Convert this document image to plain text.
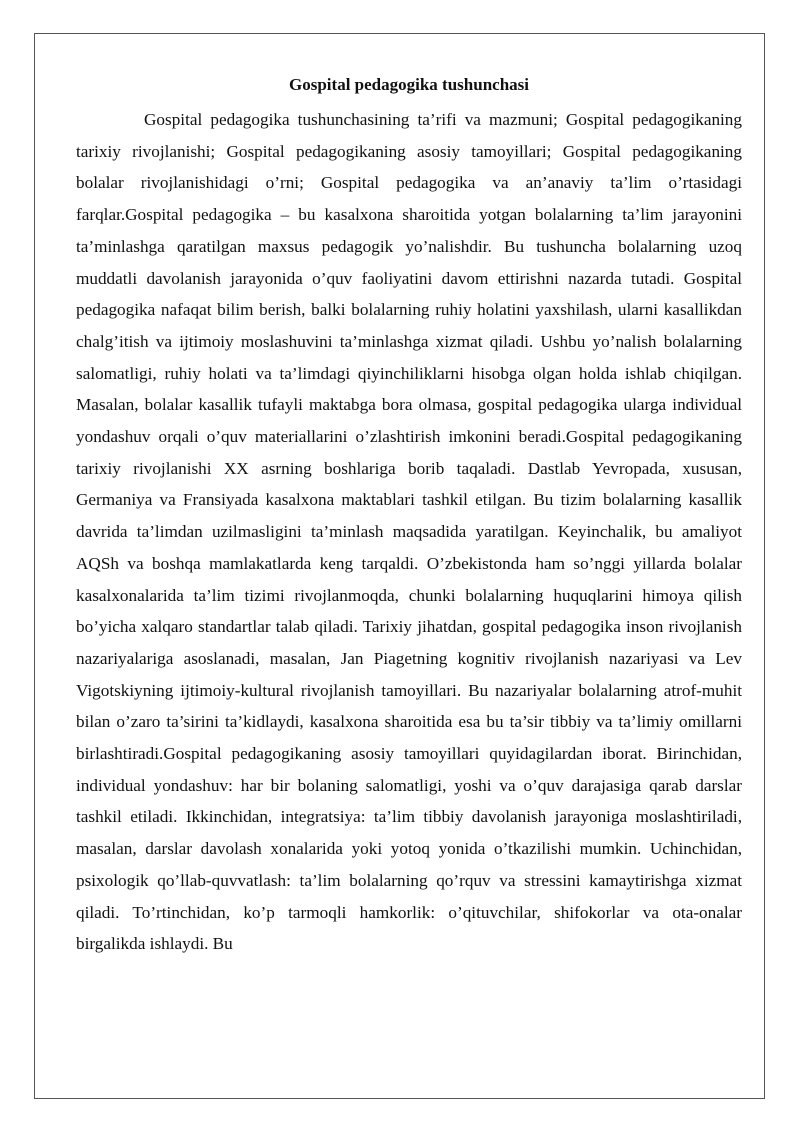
Gospital pedagogika tushunchasi

Gospital pedagogika tushunchasining ta’rifi va mazmuni; Gospital pedagogikaning tarixiy rivojlanishi; Gospital pedagogikaning asosiy tamoyillari; Gospital pedagogikaning bolalar rivojlanishidagi o’rni; Gospital pedagogika va an’anaviy ta’lim o’rtasidagi farqlar.Gospital pedagogika – bu kasalxona sharoitida yotgan bolalarning ta’lim jarayonini ta’minlashga qaratilgan maxsus pedagogik yo’nalishdir. Bu tushuncha bolalarning uzoq muddatli davolanish jarayonida o’quv faoliyatini davom ettirishni nazarda tutadi. Gospital pedagogika nafaqat bilim berish, balki bolalarning ruhiy holatini yaxshilash, ularni kasallikdan chalg’itish va ijtimoiy moslashuvini ta’minlashga xizmat qiladi. Ushbu yo’nalish bolalarning salomatligi, ruhiy holati va ta’limdagi qiyinchiliklarni hisobga olgan holda ishlab chiqilgan. Masalan, bolalar kasallik tufayli maktabga bora olmasa, gospital pedagogika ularga individual yondashuv orqali o’quv materiallarini o’zlashtirish imkonini beradi.Gospital pedagogikaning tarixiy rivojlanishi XX asrning boshlariga borib taqaladi. Dastlab Yevropada, xususan, Germaniya va Fransiyada kasalxona maktablari tashkil etilgan. Bu tizim bolalarning kasallik davrida ta’limdan uzilmasligini ta’minlash maqsadida yaratilgan. Keyinchalik, bu amaliyot AQSh va boshqa mamlakatlarda keng tarqaldi. O’zbekistonda ham so’nggi yillarda bolalar kasalxonalarida ta’lim tizimi rivojlanmoqda, chunki bolalarning huquqlarini himoya qilish bo’yicha xalqaro standartlar talab qiladi. Tarixiy jihatdan, gospital pedagogika inson rivojlanish nazariyalariga asoslanadi, masalan, Jan Piagetning kognitiv rivojlanish nazariyasi va Lev Vigotskiyning ijtimoiy-kultural rivojlanish tamoyillari. Bu nazariyalar bolalarning atrof-muhit bilan o’zaro ta’sirini ta’kidlaydi, kasalxona sharoitida esa bu ta’sir tibbiy va ta’limiy omillarni birlashtiradi.Gospital pedagogikaning asosiy tamoyillari quyidagilardan iborat. Birinchidan, individual yondashuv: har bir bolaning salomatligi, yoshi va o’quv darajasiga qarab darslar tashkil etiladi. Ikkinchidan, integratsiya: ta’lim tibbiy davolanish jarayoniga moslashtiriladi, masalan, darslar davolash xonalarida yoki yotoq yonida o’tkazilishi mumkin. Uchinchidan, psixologik qo’llab-quvvatlash: ta’lim bolalarning qo’rquv va stressini kamaytirishga xizmat qiladi. To’rtinchidan, ko’p tarmoqli hamkorlik: o’qituvchilar, shifokorlar va ota-onalar birgalikda ishlaydi. Bu
